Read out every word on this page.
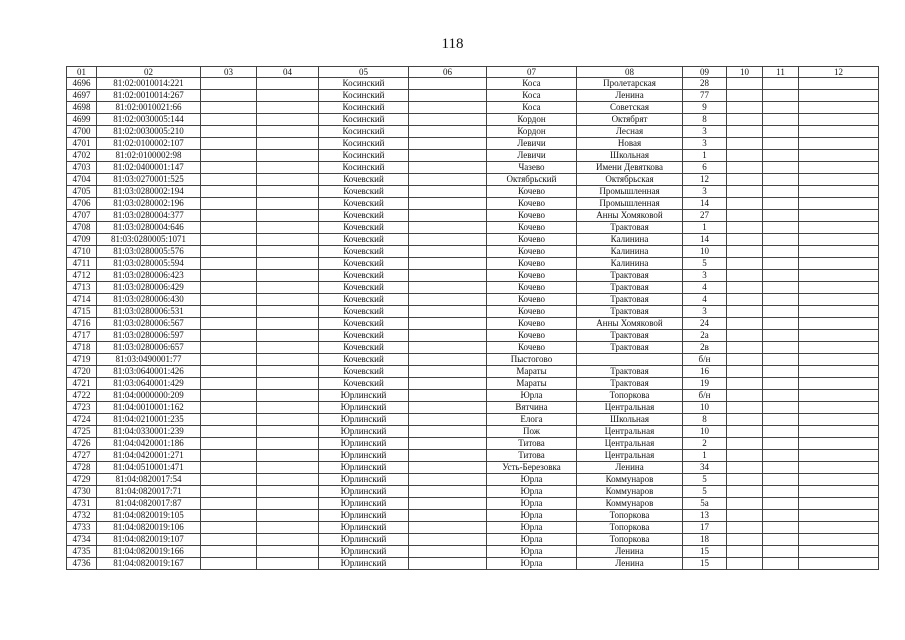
118
01	02	03	04	05	06	07	08	09	10	11	12
4696	81:02:0010014:221			Косинский		Коса	Пролетарская	28			
4697	81:02:0010014:267			Косинский		Коса	Ленина	77			
4698	81:02:0010021:66			Косинский		Коса	Советская	9			
4699	81:02:0030005:144			Косинский		Кордон	Октябрят	8			
4700	81:02:0030005:210			Косинский		Кордон	Лесная	3			
4701	81:02:0100002:107			Косинский		Левичи	Новая	3			
4702	81:02:0100002:98			Косинский		Левичи	Школьная	1			
4703	81:02:0400001:147			Косинский		Чазево	Имени Девяткова	6			
4704	81:03:0270001:525			Кочевский		Октябрьский	Октябрьская	12			
4705	81:03:0280002:194			Кочевский		Кочево	Промышленная	3			
4706	81:03:0280002:196			Кочевский		Кочево	Промышленная	14			
4707	81:03:0280004:377			Кочевский		Кочево	Анны Хомяковой	27			
4708	81:03:0280004:646			Кочевский		Кочево	Трактовая	1			
4709	81:03:0280005:1071			Кочевский		Кочево	Калинина	14			
4710	81:03:0280005:576			Кочевский		Кочево	Калинина	10			
4711	81:03:0280005:594			Кочевский		Кочево	Калинина	5			
4712	81:03:0280006:423			Кочевский		Кочево	Трактовая	3			
4713	81:03:0280006:429			Кочевский		Кочево	Трактовая	4			
4714	81:03:0280006:430			Кочевский		Кочево	Трактовая	4			
4715	81:03:0280006:531			Кочевский		Кочево	Трактовая	3			
4716	81:03:0280006:567			Кочевский		Кочево	Анны Хомяковой	24			
4717	81:03:0280006:597			Кочевский		Кочево	Трактовая	2а			
4718	81:03:0280006:657			Кочевский		Кочево	Трактовая	2в			
4719	81:03:0490001:77			Кочевский		Пыстогово		б/н			
4720	81:03:0640001:426			Кочевский		Мараты	Трактовая	16			
4721	81:03:0640001:429			Кочевский		Мараты	Трактовая	19			
4722	81:04:0000000:209			Юрлинский		Юрла	Топоркова	б/н			
4723	81:04:0010001:162			Юрлинский		Вятчина	Центральная	10			
4724	81:04:0210001:235			Юрлинский		Елога	Школьная	8			
4725	81:04:0330001:239			Юрлинский		Пож	Центральная	10			
4726	81:04:0420001:186			Юрлинский		Титова	Центральная	2			
4727	81:04:0420001:271			Юрлинский		Титова	Центральная	1			
4728	81:04:0510001:471			Юрлинский		Усть-Березовка	Ленина	34			
4729	81:04:0820017:54			Юрлинский		Юрла	Коммунаров	5			
4730	81:04:0820017:71			Юрлинский		Юрла	Коммунаров	5			
4731	81:04:0820017:87			Юрлинский		Юрла	Коммунаров	5а			
4732	81:04:0820019:105			Юрлинский		Юрла	Топоркова	13			
4733	81:04:0820019:106			Юрлинский		Юрла	Топоркова	17			
4734	81:04:0820019:107			Юрлинский		Юрла	Топоркова	18			
4735	81:04:0820019:166			Юрлинский		Юрла	Ленина	15			
4736	81:04:0820019:167			Юрлинский		Юрла	Ленина	15			
